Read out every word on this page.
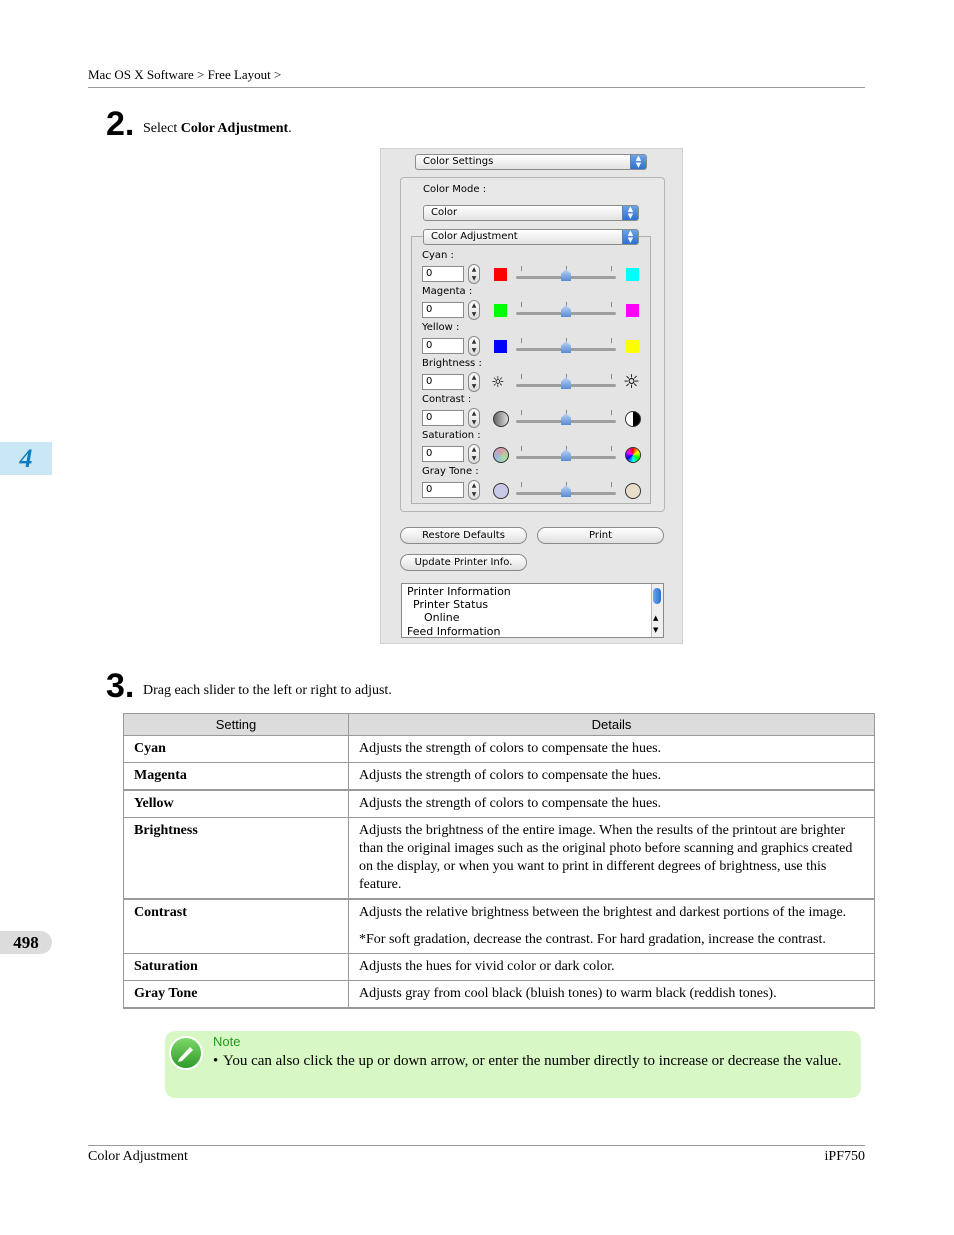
Mac OS X Software > Free Layout >
4
498
2. Select Color Adjustment.
Color Settings	▲
▼
Color Mode :
Color	▲
▼
Color Adjustment	▲
▼
Restore Defaults	Print
Update Printer Info.
Printer Information
Printer Status
Online
Feed Information
▲
▼
Cyan :
0	▲
▼
Magenta :
0	▲
▼
Yellow :
0	▲
▼
Brightness :
0	▲
▼ ☼	☼
Contrast :
0	▲
▼
Saturation :
0	▲
▼
Gray Tone :
0	▲
▼
3. Drag each slider to the left or right to adjust.
Setting	Details
Cyan	Adjusts the strength of colors to compensate the hues.
Magenta	Adjusts the strength of colors to compensate the hues.
Yellow	Adjusts the strength of colors to compensate the hues.
Brightness	Adjusts the brightness of the entire image. When the results of the printout are brighter than the original images such as the original photo before scanning and graphics created on the display, or when you want to print in different degrees of brightness, use this feature.
Contrast	Adjusts the relative brightness between the brightest and darkest portions of the image.
*For soft gradation, decrease the contrast. For hard gradation, increase the contrast.

Saturation	Adjusts the hues for vivid color or dark color.
Gray Tone	Adjusts gray from cool black (bluish tones) to warm black (reddish tones).
Note
• You can also click the up or down arrow, or enter the number directly to increase or decrease the value.
Color Adjustment	iPF750
